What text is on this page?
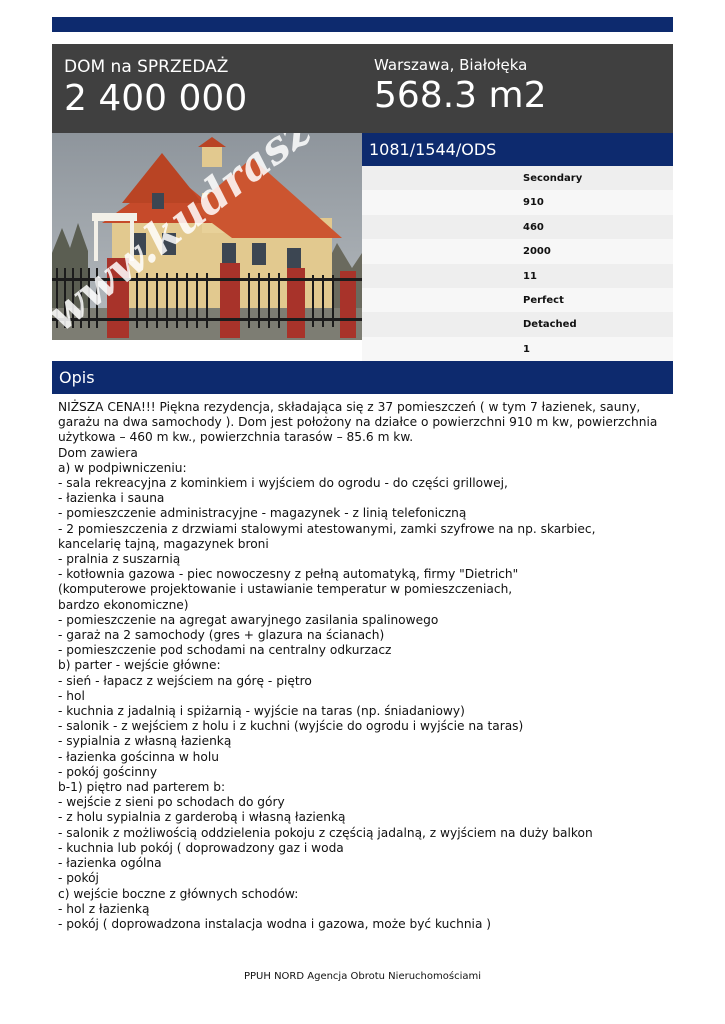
DOM na SPRZEDAŻ
2 400 000
Warszawa, Białołęka
568.3 m2
1081/1544/ODS
Secondary
910
460
2000
11
Perfect
Detached
1
Opis
NIŻSZA CENA!!! Piękna rezydencja, składająca się z 37 pomieszczeń ( w tym 7 łazienek, sauny,
garażu na dwa samochody ). Dom jest położony na działce o powierzchni 910 m kw, powierzchnia
użytkowa – 460 m kw., powierzchnia tarasów – 85.6 m kw.
Dom zawiera
a) w podpiwniczeniu:
- sala rekreacyjna z kominkiem i wyjściem do ogrodu - do części grillowej,
- łazienka i sauna
- pomieszczenie administracyjne - magazynek - z linią telefoniczną
- 2 pomieszczenia z drzwiami stalowymi atestowanymi, zamki szyfrowe na np. skarbiec,
kancelarię tajną, magazynek broni
- pralnia z suszarnią
- kotłownia gazowa - piec nowoczesny z pełną automatyką, firmy "Dietrich"
(komputerowe projektowanie i ustawianie temperatur w pomieszczeniach,
bardzo ekonomiczne)
- pomieszczenie na agregat awaryjnego zasilania spalinowego
- garaż na 2 samochody (gres + glazura na ścianach)
- pomieszczenie pod schodami na centralny odkurzacz
b) parter - wejście główne:
- sień - łapacz z wejściem na górę - piętro
- hol
- kuchnia z jadalnią i spiżarnią - wyjście na taras (np. śniadaniowy)
- salonik - z wejściem z holu i z kuchni (wyjście do ogrodu i wyjście na taras)
- sypialnia z własną łazienką
- łazienka gościnna w holu
- pokój gościnny
b-1) piętro nad parterem b:
- wejście z sieni po schodach do góry
- z holu sypialnia z garderobą i własną łazienką
- salonik z możliwością oddzielenia pokoju z częścią jadalną, z wyjściem na duży balkon
- kuchnia lub pokój ( doprowadzony gaz i woda
- łazienka ogólna
- pokój
c) wejście boczne z głównych schodów:
- hol z łazienką
- pokój ( doprowadzona instalacja wodna i gazowa, może być kuchnia )
PPUH NORD Agencja Obrotu Nieruchomościami
